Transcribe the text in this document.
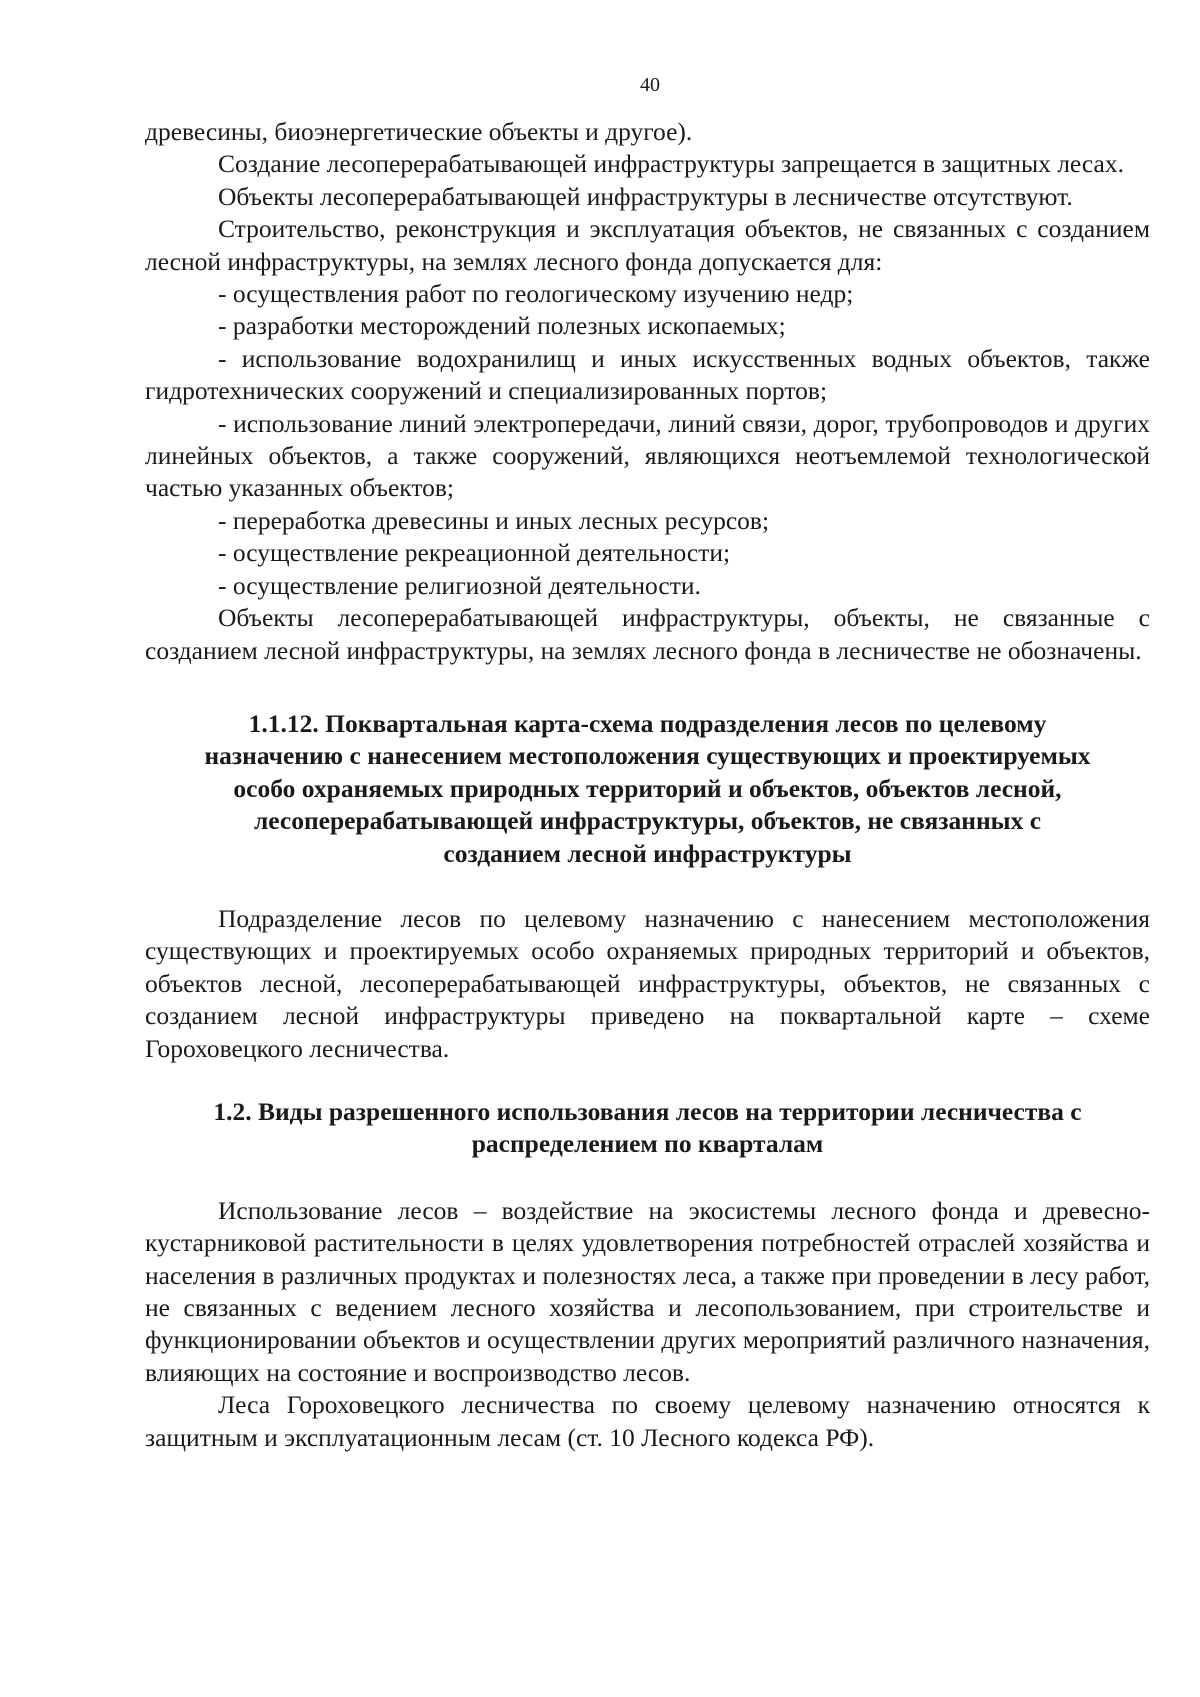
40

древесины, биоэнергетические объекты и другое).

Создание лесоперерабатывающей инфраструктуры запрещается в защитных лесах.

Объекты лесоперерабатывающей инфраструктуры в лесничестве отсутствуют.

Строительство, реконструкция и эксплуатация объектов, не связанных с созданием лесной инфраструктуры, на землях лесного фонда допускается для:

- осуществления работ по геологическому изучению недр;

- разработки месторождений полезных ископаемых;

- использование водохранилищ и иных искусственных водных объектов, также гидротехнических сооружений и специализированных портов;

- использование линий электропередачи, линий связи, дорог, трубопроводов и других линейных объектов, а также сооружений, являющихся неотъемлемой технологической частью указанных объектов;

- переработка древесины и иных лесных ресурсов;

- осуществление рекреационной деятельности;

- осуществление религиозной деятельности.

Объекты лесоперерабатывающей инфраструктуры, объекты, не связанные с созданием лесной инфраструктуры, на землях лесного фонда в лесничестве не обозначены.

1.1.12. Поквартальная карта-схема подразделения лесов по целевому
назначению с нанесением местоположения существующих и проектируемых
особо охраняемых природных территорий и объектов, объектов лесной,
лесоперерабатывающей инфраструктуры, объектов, не связанных с
созданием лесной инфраструктуры

Подразделение лесов по целевому назначению с нанесением местоположения существующих и проектируемых особо охраняемых природных территорий и объектов, объектов лесной, лесоперерабатывающей инфраструктуры, объектов, не связанных с созданием лесной инфраструктуры приведено на поквартальной карте – схеме Гороховецкого лесничества.

1.2. Виды разрешенного использования лесов на территории лесничества с
распределением по кварталам

Использование лесов – воздействие на экосистемы лесного фонда и древесно-кустарниковой растительности в целях удовлетворения потребностей отраслей хозяйства и населения в различных продуктах и полезностях леса, а также при проведении в лесу работ, не связанных с ведением лесного хозяйства и лесопользованием, при строительстве и функционировании объектов и осуществлении других мероприятий различного назначения, влияющих на состояние и воспроизводство лесов.

Леса Гороховецкого лесничества по своему целевому назначению относятся к защитным и эксплуатационным лесам (ст. 10 Лесного кодекса РФ).
